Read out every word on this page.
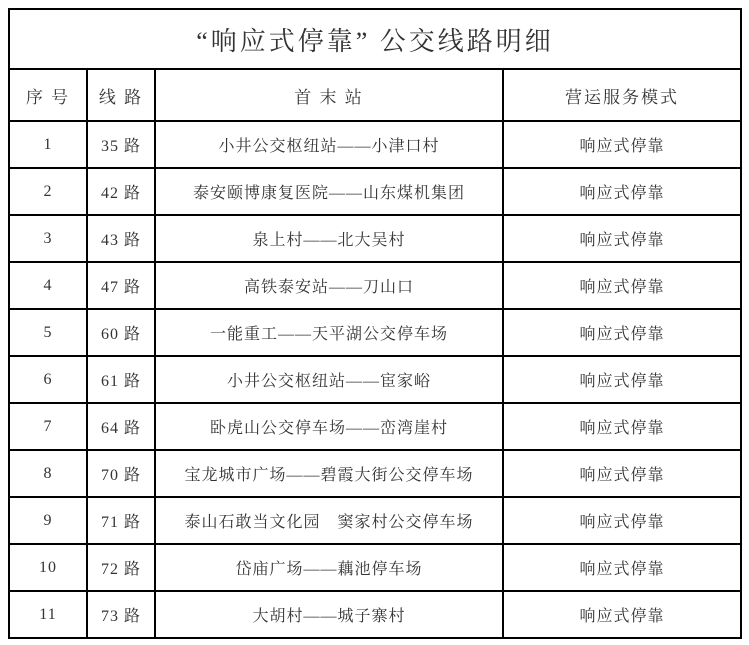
“响应式停靠” 公交线路明细			
序 号	线 路	首 末 站	营运服务模式
1	35 路	小井公交枢纽站——小津口村	响应式停靠
2	42 路	泰安颐博康复医院——山东煤机集团	响应式停靠
3	43 路	泉上村——北大吴村	响应式停靠
4	47 路	高铁泰安站——刀山口	响应式停靠
5	60 路	一能重工——天平湖公交停车场	响应式停靠
6	61 路	小井公交枢纽站——宦家峪	响应式停靠
7	64 路	卧虎山公交停车场——峦湾崖村	响应式停靠
8	70 路	宝龙城市广场——碧霞大街公交停车场	响应式停靠
9	71 路	泰山石敢当文化园　窦家村公交停车场	响应式停靠
10	72 路	岱庙广场——藕池停车场	响应式停靠
11	73 路	大胡村——城子寨村	响应式停靠
